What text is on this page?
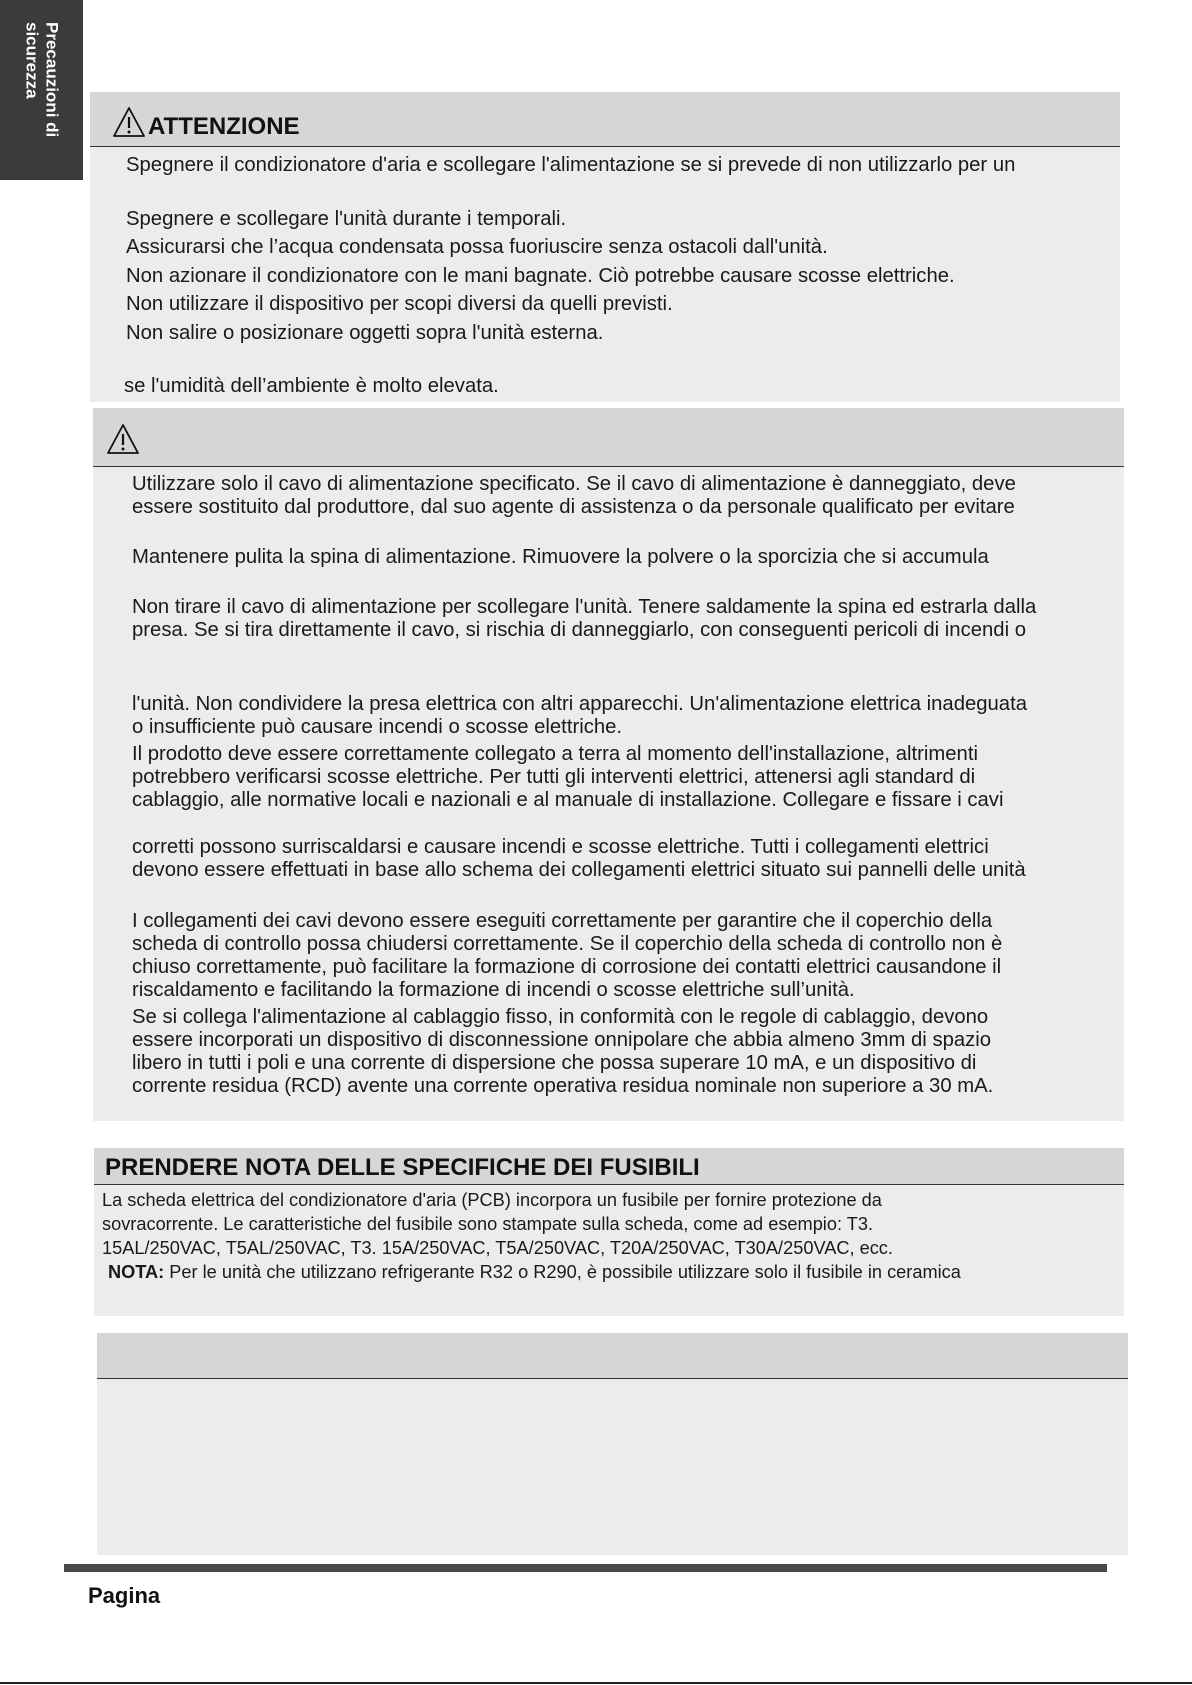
Precauzioni di
sicurezza
ATTENZIONE
Spegnere il condizionatore d'aria e scollegare l'alimentazione se si prevede di non utilizzarlo per un
Spegnere e scollegare l'unità durante i temporali.
Assicurarsi che l’acqua condensata possa fuoriuscire senza ostacoli dall'unità.
Non azionare il condizionatore con le mani bagnate. Ciò potrebbe causare scosse elettriche.
Non utilizzare il dispositivo per scopi diversi da quelli previsti.
Non salire o posizionare oggetti sopra l'unità esterna.
se l'umidità dell’ambiente è molto elevata.
Utilizzare solo il cavo di alimentazione specificato. Se il cavo di alimentazione è danneggiato, deve
essere sostituito dal produttore, dal suo agente di assistenza o da personale qualificato per evitare
Mantenere pulita la spina di alimentazione. Rimuovere la polvere o la sporcizia che si accumula
Non tirare il cavo di alimentazione per scollegare l'unità. Tenere saldamente la spina ed estrarla dalla
presa. Se si tira direttamente il cavo, si rischia di danneggiarlo, con conseguenti pericoli di incendi o
l'unità. Non condividere la presa elettrica con altri apparecchi. Un'alimentazione elettrica inadeguata
o insufficiente può causare incendi o scosse elettriche.
Il prodotto deve essere correttamente collegato a terra al momento dell'installazione, altrimenti
potrebbero verificarsi scosse elettriche. Per tutti gli interventi elettrici, attenersi agli standard di
cablaggio, alle normative locali e nazionali e al manuale di installazione. Collegare e fissare i cavi
corretti possono surriscaldarsi e causare incendi e scosse elettriche. Tutti i collegamenti elettrici
devono essere effettuati in base allo schema dei collegamenti elettrici situato sui pannelli delle unità
I collegamenti dei cavi devono essere eseguiti correttamente per garantire che il coperchio della
scheda di controllo possa chiudersi correttamente. Se il coperchio della scheda di controllo non è
chiuso correttamente, può facilitare la formazione di corrosione dei contatti elettrici causandone il
riscaldamento e facilitando la formazione di incendi o scosse elettriche sull’unità.
Se si collega l'alimentazione al cablaggio fisso, in conformità con le regole di cablaggio, devono
essere incorporati un dispositivo di disconnessione onnipolare che abbia almeno 3mm di spazio
libero in tutti i poli e una corrente di dispersione che possa superare 10 mA, e un dispositivo di
corrente residua (RCD) avente una corrente operativa residua nominale non superiore a 30 mA.
PRENDERE NOTA DELLE SPECIFICHE DEI FUSIBILI
La scheda elettrica del condizionatore d'aria (PCB) incorpora un fusibile per fornire protezione da
sovracorrente. Le caratteristiche del fusibile sono stampate sulla scheda, come ad esempio: T3.
15AL/250VAC, T5AL/250VAC, T3. 15A/250VAC, T5A/250VAC, T20A/250VAC, T30A/250VAC, ecc.
NOTA: Per le unità che utilizzano refrigerante R32 o R290, è possibile utilizzare solo il fusibile in ceramica
Pagina
